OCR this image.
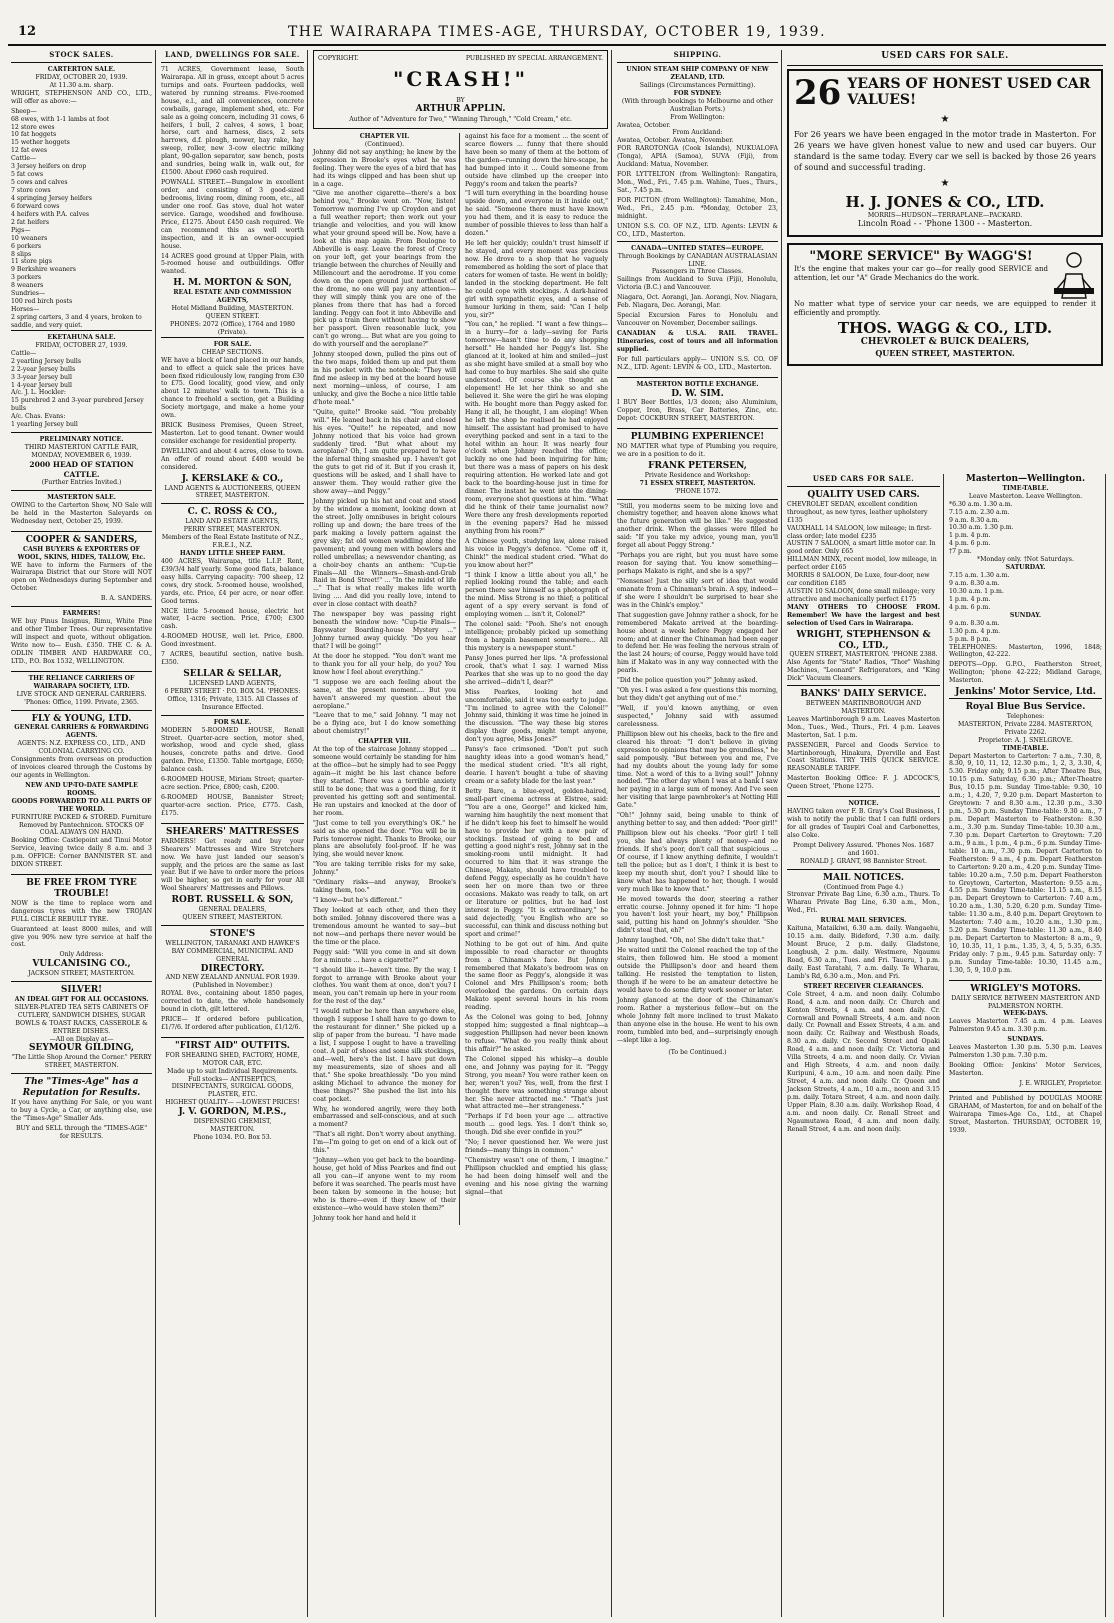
12	THE WAIRARAPA TIMES-AGE, THURSDAY, OCTOBER 19, 1939.
STOCK SALES.
CARTERTON SALE.
FRIDAY, OCTOBER 20, 1939.
At 11.30 a.m. sharp.

WRIGHT, STEPHENSON AND CO., LTD., will offer as above:—

Sheep—
68 ewes, with 1-1 lambs at foot
12 store ewes
10 fat hoggets
15 wether hoggets
12 fat ewes
Cattle—
3 Jersey heifers on drop
5 fat cows
5 cows and calves
7 store cows
4 springing Jersey heifers
6 forward cows
4 heifers with P.A. calves
2 fat heifers
Pigs—
10 weaners
6 porkers
8 slips
11 store pigs
9 Berkshire weaners
3 porkers
8 weaners
Sundries—
100 red birch posts
Horses—
2 spring carters, 3 and 4 years, broken to saddle, and very quiet.
EKETAHUNA SALE.
FRIDAY, OCTOBER 27, 1939.
Cattle—
2 yearling Jersey bulls
2 2-year Jersey bulls
3 3-year Jersey bull
1 4-year Jersey bull
A/c. J. L. Hockler:
15 purebred 2 and 3-year purebred Jersey bulls
A/c. Chas. Evans:
1 yearling Jersey bull
PRELIMINARY NOTICE.
THIRD MASTERTON CATTLE FAIR,
MONDAY, NOVEMBER 6, 1939.
2000 HEAD OF STATION CATTLE.
(Further Entries Invited.)
MASTERTON SALE.

OWING to the Carterton Show, NO Sale will be held in the Masterton Saleyards on Wednesday next, October 25, 1939.

COOPER & SANDERS,
CASH BUYERS & EXPORTERS OF WOOL, SKINS, HIDES, TALLOW, Etc.

WE have to inform the Farmers of the Wairarapa District that our Store will NOT open on Wednesdays during September and October.

B. A. SANDERS.
FARMERS!

WE buy Pinus Insignus, Rimu, White Pine and other Timber Trees. Our representative will inspect and quote, without obligation. Write now to— Eush. £350. THE C. & A. ODLIN TIMBER AND HARDWARE CO., LTD., P.O. Box 1532, WELLINGTON.

THE RELIANCE CARRIERS OF WAIRARAPA SOCIETY, LTD.
LIVE STOCK AND GENERAL CARRIERS.
'Phones: Office, 1199. Private, 2365.
FLY & YOUNG, LTD.
GENERAL CARRIERS & FORWARDING AGENTS.
AGENTS: N.Z. EXPRESS CO., LTD., AND COLONIAL CARRYING CO.

Consignments from overseas on production of invoices cleared through the Customs by our agents in Wellington.

NEW AND UP-TO-DATE SAMPLE ROOMS.
GOODS FORWARDED TO ALL PARTS OF THE WORLD.
FURNITURE PACKED & STORED. Furniture Removed by Pantechnicon. STOCKS OF COAL ALWAYS ON HAND.

Booking Office: Castlepoint and Tinui Motor Service, leaving twice daily 8 a.m. and 3 p.m. OFFICE: Corner BANNISTER ST. and DIXON STREET.

BE FREE FROM TYRE TROUBLE!

NOW is the time to replace worn and dangerous tyres with the new TROJAN FULL CIRCLE REBUILT TYRE.

Guaranteed at least 8000 miles, and will give you 90% new tyre service at half the cost.

Only Address:
VULCANISING CO.,
JACKSON STREET, MASTERTON.
SILVER!
AN IDEAL GIFT FOR ALL OCCASIONS.
SILVER-PLATED TEA SETS CABINETS OF CUTLERY, SANDWICH DISHES, SUGAR BOWLS & TOAST RACKS, CASSEROLE & ENTREE DISHES.
—All on Display at—
SEYMOUR GILDING,
"The Little Shop Around the Corner." PERRY STREET, MASTERTON.
The "Times-Age" has a Reputation for Results.

If you have anything For Sale, or you want to buy a Cycle, a Car, or anything else, use the "Times-Age" Smaller Ads.

BUY and SELL through the "TIMES-AGE" for RESULTS.
LAND, DWELLINGS FOR SALE.

71 ACRES, Government lease, South Wairarapa. All in grass, except about 5 acres turnips and oats. Fourteen paddocks, well watered by running streams. Five-roomed house, e.l., and all conveniences, concrete cowbails, garage, implement shed, etc. For sale as a going concern, including 31 cows, 6 heifers, 1 bull, 2 calves, 4 sows, 1 boar, horse, cart and harness, discs, 2 sets harrows, d.f. plough, mower, hay rake, hay sweep, roller, new 3-cow electric milking plant, 90-gallon separator, saw bench, posts and sundries, being walk in, walk out, for £1500. About £960 cash required.

POWNALL STREET.—Bungalow in excellent order, and consisting of 3 good-sized bedrooms, living room, dining room, etc., all under one roof. Gas stove, dual hot water service. Garage, woodshed and fowlhouse. Price, £1275. About £450 cash required. We can recommend this as well worth inspection, and it is an owner-occupied house.

14 ACRES good ground at Upper Plain, with 5-roomed house and outbuildings. Offer wanted.

H. M. MORTON & SON,
REAL ESTATE AND COMMISSION AGENTS,
Hotel Midland Building, MASTERTON. QUEEN STREET.
PHONES: 2072 (Office), 1764 and 1980 (Private).
FOR SALE.
CHEAP SECTIONS.

WE have a block of land placed in our hands, and to effect a quick sale the prices have been fixed ridiculously low, ranging from £30 to £75. Good locality, good view, and only about 12 minutes' walk to town. This is a chance to freehold a section, get a Building Society mortgage, and make a home your own.

BRICK Business Premises, Queen Street, Masterton. Let to good tenant. Owner would consider exchange for residential property.

DWELLING and about 4 acres, close to town. An offer of round about £400 would be considered.

J. KERSLAKE & CO.,
LAND AGENTS & AUCTIONEERS, QUEEN STREET, MASTERTON.
C. C. ROSS & CO.,
LAND AND ESTATE AGENTS,
PERRY STREET, MASTERTON.
Members of the Real Estate Institute of N.Z., F.R.E.I., N.Z.
HANDY LITTLE SHEEP FARM.

400 ACRES, Wairarapa, title L.I.P. Rent, £39/3/4 half yearly. Some good flats, balance easy hills. Carrying capacity: 700 sheep, 12 cows, dry stock. 5-roomed house, woolshed, yards, etc. Price, £4 per acre, or near offer. Good terms.

NICE little 5-roomed house, electric hot water, 1-acre section. Price, £700; £300 cash.

4-ROOMED HOUSE, well let. Price, £800. Good investment.

7 ACRES, beautiful section, native bush. £350.

SELLAR & SELLAR,
LICENSED LAND AGENTS,
6 PERRY STREET · P.O. BOX 54. 'PHONES: Office, 1316; Private, 1315. All Classes of Insurance Effected.
FOR SALE.

MODERN 5-ROOMED HOUSE, Renall Street. Quarter-acre section, motor shed, workshop, wood and cycle shed, glass houses, concrete paths and drive. Good garden. Price, £1350. Table mortgage, £650; balance cash.

6-ROOMED HOUSE, Miriam Street; quarter-acre section. Price, £800; cash, £200.

6-ROOMED HOUSE, Bannister Street; quarter-acre section. Price, £775. Cash, £175.

SHEARERS' MATTRESSES

FARMERS! Get ready and buy your Shearers' Mattresses and Wire Stretchers now. We have just landed our season's supply, and the prices are the same as last year. But if we have to order more the prices will be higher, so get in early for your All Wool Shearers' Mattresses and Pillows.

ROBT. RUSSELL & SON,
GENERAL DEALERS,
QUEEN STREET, MASTERTON.
STONE'S
WELLINGTON, TARANAKI AND HAWKE'S BAY COMMERCIAL, MUNICIPAL AND GENERAL
DIRECTORY.
AND NEW ZEALAND ANNUAL FOR 1939.
(Published in November.)

ROYAL 8vo., containing about 1850 pages, corrected to date, the whole handsomely bound in cloth, gilt lettered.

PRICE— If ordered before publication, £1/7/6. If ordered after publication, £1/12/6.

"FIRST AID" OUTFITS.
FOR SHEARING SHED, FACTORY, HOME, MOTOR CAR, ETC.
Made up to suit Individual Requirements.
Full stocks— ANTISEPTICS, DISINFECTANTS, SURGICAL GOODS, PLASTER, ETC.
HIGHEST QUALITY— —LOWEST PRICES!
J. V. GORDON, M.P.S.,
DISPENSING CHEMIST,
MASTERTON.
Phone 1034. P.O. Box 53.
COPYRIGHT.	PUBLISHED BY SPECIAL ARRANGEMENT.
"CRASH!"
BY
ARTHUR APPLIN.
Author of "Adventure for Two," "Winning Through," "Cold Cream," etc.
CHAPTER VII.
(Continued).

Johnny did not say anything; he knew by the expression in Brooke's eyes what he was feeling. They were the eyes of a bird that has had its wings clipped and has been shut up in a cage.

"Give me another cigarette—there's a box behind you," Brooke went on. "Now, listen! Tomorrow morning I've up Croydon and get a full weather report; then work out your triangle and velocities, and you will know what your ground speed will be. Now, have a look at this map again. From Boulogne to Abbeville is easy. Leave the forest of Crecy on your left, get your bearings from the triangle between the churches of Neuilly and Millencourt and the aerodrome. If you come down on the open ground just northeast of the drome, no one will pay any attention—they will simply think you are one of the planes from there that has had a forced landing. Peggy can foot it into Abbeville and pick up a train there without having to show her passport. Given reasonable luck, you can't go wrong.... But what are you going to do with yourself and the aeroplane?"

Johnny stooped down, pulled the pins out of the two maps, folded them up and put them in his pocket with the notebook: "They will find me asleep in my bed at the board house next morning—unless, of course, I am unlucky, and give the Boche a nice little table d'hote meal."

"Quite, quite!" Brooke said. "You probably will." He leaned back in his chair and closed his eyes. "Quite!" he repeated, and now Johnny noticed that his voice had grown suddenly tired. "But what about my aeroplane? Oh, I am quite prepared to have the infernal thing smashed up. I haven't got the guts to get rid of it. But if you crash it, questions will be asked, and I shall have to answer them. They would rather give the show away—and Peggy."

Johnny picked up his hat and coat and stood by the window a moment, looking down at the street. Jolly omnibuses in bright colours rolling up and down; the bare trees of the park making a lovely pattern against the grey sky; fat old women waddling along the pavement; and young men with bowlers and rolled umbrellas; a newsvendor chanting, as a choir-boy chants an anthem: "Cup-tie Finals—All the Winners—Smash-and-Grab Raid in Bond Street!" ... "In the midst of life ..." That is what really makes life worth living .... And did you really love, intend to ever in close contact with death?

The newspaper boy was passing right beneath the window now: "Cup-tie Finals—Bayswater Boarding-house Mystery ..." Johnny turned away quickly. "Do you hear that? I will be going!"

At the door he stopped. "You don't want me to thank you for all your help, do you? You know how I feel about everything."

"I suppose we are each feeling about the same, at the present moment.... But you haven't answered my question about the aeroplane."

"Leave that to me," said Johnny. "I may not be a flying ace, but I do know something about chemistry!"

CHAPTER VIII.

At the top of the staircase Johnny stopped ... someone would certainly be standing for him at the office—but he simply had to see Peggy again—it might be his last chance before they started. There was a terrible anxiety still to be done; that was a good thing, for it prevented his getting soft and sentimental. He ran upstairs and knocked at the door of her room.

"Just come to tell you everything's OK." he said as she opened the door. "You will be in Paris tomorrow night. Thanks to Brooke, our plans are absolutely fool-proof. If he was lying, she would never know.

"You are taking terrible risks for my sake, Johnny."

"Ordinary risks—and anyway, Brooke's taking them, too."

"I know—but he's different."

They looked at each other, and then they both smiled. Johnny discovered there was a tremendous amount he wanted to say—but not now—and perhaps there never would be the time or the place.

Peggy said: "Will you come in and sit down for a minute ... have a cigarette?"

"I should like it—haven't time. By the way, I forgot to arrange with Brooke about your clothes. You want them at once, don't you? I mean, you can't remain up here in your room for the rest of the day."

"I would rather be here than anywhere else, though I suppose I shall have to go down to the restaurant for dinner." She picked up a slip of paper from the bureau. "I have made a list, I suppose I ought to have a travelling coat. A pair of shoes and some silk stockings, and—well, here's the list. I have put down my measurements, size of shoes and all that." She spoke breathlessly. "Do you mind asking Michael to advance the money for these things?" She pushed the list into his coat pocket.

Why, he wondered angrily, were they both embarrassed and self-conscious, and at such a moment?

"That's all right. Don't worry about anything. I'm—I'm going to get on end of a kick out of this."

"Johnny—when you get back to the boarding-house, get hold of Miss Pearkes and find out all you can—if anyone went to my room before it was searched. The pearls must have been taken by someone in the house; but who is there—even if they knew of their existence—who would have stolen them?"

Johnny took her hand and held it

against his face for a moment ... the scent of scarce flowers ... funny that there should have been so many of them at the bottom of the garden—running down the hire-scape, he had bumped into it ... Could someone from outside have climbed up the creeper into Peggy's room and taken the pearls?

"I will turn everything in the boarding house upside down, and everyone in it inside out," he said. "Someone there must have known you had them, and it is easy to reduce the number of possible thieves to less than half a dozen."

He left her quickly; couldn't trust himself if he stayed, and every moment was precious now. He drove to a shop that he vaguely remembered as holding the sort of place that caters for women of taste. He went in boldly; landed in the stocking department. He felt he could cope with stockings. A dark-haired girl with sympathetic eyes, and a sense of humour lurking in them, said: "Can I help you, sir?"

"You can," he replied. "I want a few things—in a hurry—for a lady—saving for Paris tomorrow—hasn't time to do any shopping herself." He handed her Peggy's list. She glanced at it, looked at him and smiled—just as she might have smiled at a small boy who had come to buy marbles. She said she quite understood. Of course she thought an elopement! He let her think so and she believed it. She were the girl he was eloping with. He bought more than Peggy asked for. Hang it all, he thought, I am eloping! When he left the shop he realised he had enjoyed himself. The assistant had promised to have everything packed and sent in a taxi to the hotel within an hour. It was nearly four o'clock when Johnny reached the office; luckily no one had been inquiring for him; but there was a mass of papers on his desk requiring attention. He worked late and got back to the boarding-house just in time for dinner. The instant he went into the dining-room, everyone shot questions at him. "What did he think of their tame journalist now? Were there any fresh developments reported in the evening papers? Had he missed anything from his room?"

A Chinese youth, studying law, alone raised his voice in Peggy's defence. "Come off it, Chink!" the medical student cried. "What do you know about her?"

"I think I know a little about you all," he replied looking round the table; and each person there saw himself as a photograph of the mind. Miss Strong is no thief; a political agent of a spy every servant is fond of employing women ... isn't it, Colonel?"

The colonel said: "Pooh. She's not enough intelligence; probably picked up something from a bargain basement somewhere... All this mystery is a newspaper stunt."

Pansy Jones purred her lips. "A professional crook, that's what I say. I warned Miss Pearkes that she was up to no good the day she arrived—didn't I, dear?"

Miss Pearkes, looking hot and uncomfortable, said it was too early to judge. "I'm inclined to agree with the Colonel!" Johnny said, thinking it was time he joined in the discussion. "The way these big stores display their goods, might tempt anyone, don't you agree, Miss Jones?"

Pansy's face crimsoned. "Don't put such naughty ideas into a good woman's head," the medical student cried. "It's all right, dearie. I haven't bought a tube of shaving cream or a safety blade for the last year."

Betty Bare, a blue-eyed, golden-haired, small-part cinema actress at Elstree, said: "You are a one, George!" and kicked him, warning him haughtily the next moment that if he didn't keep his feet to himself he would have to provide her with a new pair of stockings. Instead of going to bed and getting a good night's rest, Johnny sat in the smoking-room until midnight. It had occurred to him that it was strange the Chinese, Makato, should have troubled to defend Peggy, especially as he couldn't have seen her on more than two or three occasions. Makato was ready to talk, on art or literature or politics, but he had lost interest in Peggy. "It is extraordinary," he said dejectedly, "you English who are so successful, can think and discuss nothing but sport and crime!"

Nothing to be got out of him. And quite impossible to read character or thoughts from a Chinaman's face. But Johnny remembered that Makato's bedroom was on the same floor as Peggy's, alongside it was Colonel and Mrs Phillipson's room; both overlooked the gardens. On certain days Makato spent several hours in his room reading.

As the Colonel was going to bed, Johnny stopped him; suggested a final nightcap—a suggestion Phillipson had never been known to refuse. "What do you really think about this affair?" he asked.

The Colonel sipped his whisky—a double one, and Johnny was paying for it. "Peggy Strong, you mean? You were rather keen on her, weren't you? Yes, well, from the first I thought there was something strange about her. She never attracted me." "That's just what attracted me—her strangeness."

"Perhaps if I'd been your age ... attractive mouth ... good legs. Yes. I don't think so, though. Did she ever confide in you?"

"No; I never questioned her. We were just friends—many things in common."

"Chemistry wasn't one of them, I imagine." Phillipson chuckled and emptied his glass; he had been doing himself well and the evening and his nose giving the warning signal—that

SHIPPING.
UNION STEAM SHIP COMPANY OF NEW ZEALAND, LTD.
Sailings (Circumstances Permitting).
FOR SYDNEY:
(With through bookings to Melbourne and other Australian Ports.)
From Wellington:
Awatea, October.
From Auckland:
Awatea, October. Awatea, November.

FOR RAROTONGA (Cook Islands), NUKUALOFA (Tonga), APIA (Samoa), SUVA (Fiji), from Auckland: Matua, November.

FOR LYTTELTON (from Wellington): Rangatira, Mon., Wed., Fri., 7.45 p.m. Wahine, Tues., Thurs., Sat., 7.45 p.m.

FOR PICTON (from Wellington): Tamahine, Mon., Wed., Fri., 2.45 p.m. *Monday, October 23, midnight.

UNION S.S. CO. OF N.Z., LTD. Agents: LEVIN & CO., LTD., Masterton.

CANADA—UNITED STATES—EUROPE.
Through Bookings by CANADIAN AUSTRALASIAN LINE.
Passengers in Three Classes.

Sailings from Auckland to Suva (Fiji), Honolulu, Victoria (B.C.) and Vancouver.

Niagara, Oct. Aorangi, Jan. Aorangi, Nov. Niagara, Feb. Niagara, Dec. Aorangi, Mar.

Special Excursion Fares to Honolulu and Vancouver on November, December sailings.

CANADIAN & U.S.A. RAIL TRAVEL. Itineraries, cost of tours and all information supplied.

For full particulars apply— UNION S.S. CO. OF N.Z., LTD. Agent: LEVIN & CO., LTD., Masterton.

MASTERTON BOTTLE EXCHANGE.
D. W. SIM.

I BUY Beer Bottles, 1/3 dozen; also Aluminium, Copper, Iron, Brass, Car Batteries, Zinc, etc. Depot: COCKBURN STREET, MASTERTON.

PLUMBING EXPERIENCE!

NO MATTER what type of Plumbing you require, we are in a position to do it.

FRANK PETERSEN,
Private Residence and Workshop:
71 ESSEX STREET, MASTERTON.
'PHONE 1572.

"Still, you moderns seem to be mixing love and chemistry together, and heaven alone knows what the future generation will be like." He suggested another drink. When the glasses were filled he said: "If you take my advice, young man, you'll forget all about Peggy Strong."

"Perhaps you are right, but you must have some reason for saying that. You know something—perhaps Makato is right, and she is a spy?"

"Nonsense! Just the silly sort of idea that would emanate from a Chinaman's brain. A spy, indeed—if she were I shouldn't be surprised to hear she was in the Chink's employ."

That suggestion gave Johnny rather a shock, for he remembered Makato arrived at the boarding-house about a week before Peggy engaged her room; and at dinner the Chinaman had been eager to defend her. He was feeling the nervous strain of the last 24 hours; of course, Peggy would have told him if Makato was in any way connected with the pearls.

"Did the police question you?" Johnny asked.

"Oh yes. I was asked a few questions this morning, but they didn't get anything out of me."

"Well, if you'd known anything, or even suspected," Johnny said with assumed carelessness.

Phillipson blew out his cheeks, back to the fire and cleared his throat: "I don't believe in giving expression to opinions that may be groundless," he said pompously. "But between you and me, I've had my doubts about the young lady for some time. Not a word of this to a living soul!" Johnny nodded. "The other day when I was at a bank I saw her paying in a large sum of money. And I've seen her visiting that large pawnbroker's at Notting Hill Gate."

"Oh!" Johnny said, being unable to think of anything better to say, and then added: "Poor girl!"

Phillipson blew out his cheeks. "Poor girl! I tell you, she had always plenty of money—and no friends. If she's poor, don't call that suspicious ... Of course, if I knew anything definite, I wouldn't tell the police; but as I don't, I think it is best to keep my mouth shut, don't you? I should like to know what has happened to her, though. I would very much like to know that."

He moved towards the door, steering a rather erratic course. Johnny opened it for him: "I hope you haven't lost your heart, my boy," Phillipson said, putting his hand on Johnny's shoulder. "She didn't steal that, eh?"

Johnny laughed. "Oh, no! She didn't take that."

He waited until the Colonel reached the top of the stairs, then followed him. He stood a moment outside the Phillipson's door and heard them talking. He resisted the temptation to listen, though if he were to be an amateur detective he would have to do some dirty work sooner or later.

Johnny glanced at the door of the Chinaman's room. Rather a mysterious fellow—but on the whole Johnny felt more inclined to trust Makato than anyone else in the house. He went to his own room, tumbled into bed, and—surprisingly enough—slept like a log.

(To be Continued.)
USED CARS FOR SALE.
26 YEARS OF HONEST USED CAR VALUES!
★

For 26 years we have been engaged in the motor trade in Masterton. For 26 years we have given honest value to new and used car buyers. Our standard is the same today. Every car we sell is backed by those 26 years of sound and successful trading.

★
H. J. JONES & CO., LTD.
MORRIS—HUDSON—TERRAPLANE—PACKARD.
Lincoln Road - - 'Phone 1300 - - Masterton.
"MORE SERVICE" By WAGG'S!

It's the engine that makes your car go—for really good SERVICE and attention, let our "A" Grade Mechanics do the work.

No matter what type of service your car needs, we are equipped to render it efficiently and promptly.

THOS. WAGG & CO., LTD.
CHEVROLET & BUICK DEALERS,
QUEEN STREET, MASTERTON.
USED CARS FOR SALE.
QUALITY USED CARS.
CHEVROLET SEDAN, excellent condition throughout, as new tyres, leather upholstery £135
VAUXHALL 14 SALOON, low mileage; in first-class order; late model £235
AUSTIN 7 SALOON, a smart little motor car. In good order. Only £65
HILLMAN MINX, recent model, low mileage, in perfect order £165
MORRIS 8 SALOON, De Luxe, four-door, new car condition £185
AUSTIN 10 SALOON, done small mileage; very attractive and mechanically perfect £175

MANY OTHERS TO CHOOSE FROM. Remember! We have the largest and best selection of Used Cars in Wairarapa.

WRIGHT, STEPHENSON & CO., LTD.,
QUEEN STREET, MASTERTON. 'PHONE 2388.

Also Agents for "State" Radios, "Thor" Washing Machines, "Leonard" Refrigerators, and "King Dick" Vacuum Cleaners.

BANKS' DAILY SERVICE.
BETWEEN MARTINBOROUGH AND MASTERTON.

Leaves Martinborough 9 a.m. Leaves Masterton Mon., Tues., Wed., Thurs., Fri. 4 p.m. Leaves Masterton, Sat. 1 p.m.

PASSENGER, Parcel and Goods Service to Martinborough, Hinakura, Dyerville and East Coast Stations. TRY THIS QUICK SERVICE. REASONABLE TARIFF.

Masterton Booking Office: F. J. ADCOCK'S, Queen Street, 'Phone 1275.

NOTICE.

HAVING taken over F. B. Gray's Coal Business, I wish to notify the public that I can fulfil orders for all grades of Taupiri Coal and Carbonettes, also Coke.

Prompt Delivery Assured. 'Phones Nos. 1687 and 1601.
RONALD J. GRANT, 98 Bannister Street.
MAIL NOTICES.
(Continued from Page 4.)

Stronvar Private Bag Line, 6.30 a.m., Thurs. To Wharau Private Bag Line, 6.30 a.m., Mon., Wed., Fri.

RURAL MAIL SERVICES.

Kaituna, Mataikiwi, 6.30 a.m. daily. Wangaehu, 10.15 a.m. daily. Bideford, 7.30 a.m. daily. Mount Bruce, 2 p.m. daily. Gladstone, Longbush, 2 p.m. daily. Westmere, Ngaumu Road, 6.30 a.m., Tues. and Fri. Taueru, 1 p.m. daily. East Taratahi, 7 a.m. daily. Te Wharau, Lamb's Rd, 6.30 a.m., Mon. and Fri.

STREET RECEIVER CLEARANCES.

Cole Street, 4 a.m. and noon daily. Columbo Road, 4 a.m. and noon daily. Cr. Church and Kenton Streets, 4 a.m. and noon daily. Cr. Cornwall and Pownall Streets, 4 a.m. and noon daily. Cr. Pownall and Essex Streets, 4 a.m. and noon daily. Cr. Railway and Westbush Roads, 8.30 a.m. daily. Cr. Second Street and Opaki Road, 4 a.m. and noon daily. Cr. Victoria and Villa Streets, 4 a.m. and noon daily. Cr. Vivian and High Streets, 4 a.m. and noon daily. Kuripuni, 4 a.m., 10 a.m. and noon daily. Pine Street, 4 a.m. and noon daily. Cr. Queen and Jackson Streets, 4 a.m., 10 a.m., noon and 3.15 p.m. daily. Totara Street, 4 a.m. and noon daily. Upper Plain, 8.30 a.m. daily. Workshop Road, 4 a.m. and noon daily. Cr. Renall Street and Ngaumutawa Road, 4 a.m. and noon daily. Renall Street, 4 a.m. and noon daily.

Masterton—Wellington.
TIME-TABLE.
Leave Masterton. Leave Wellington.
*6.30 a.m. 1.30 a.m.
7.15 a.m. 2.30 a.m.
9 a.m. 8.30 a.m.
10.30 a.m. 1.30 p.m.
1 p.m. 4 p.m.
4 p.m. 6 p.m.
†7 p.m.
*Monday only. †Not Saturdays.
SATURDAY.
7.15 a.m. 1.30 a.m.
9 a.m. 8.30 a.m.
10.30 a.m. 1 p.m.
1 p.m. 4 p.m.
4 p.m. 6 p.m.
SUNDAY.
9 a.m. 8.30 a.m.
1.30 p.m. 4 p.m.
5 p.m. 8 p.m.

TELEPHONES: Masterton, 1996, 1848; Wellington, 42-222.

DEPOTS—Opp. G.P.O., Featherston Street, Wellington; 'phone 42-222; Midland Garage, Masterton.

Jenkins' Motor Service, Ltd.
Royal Blue Bus Service.
Telephones:
MASTERTON, Private 2284. MASTERTON, Private 2262.
Proprietor: A. J. SNELGROVE.
TIME-TABLE.

Depart Masterton to Carterton: 7 a.m., 7.30, 8, 8.30, 9, 10, 11, 12, 12.30 p.m., 1, 2, 3, 3.30, 4, 5.30. Friday only, 9.15 p.m.; After Theatre Bus, 10.15 p.m. Saturday, 6.30 p.m.; After-Theatre Bus, 10.15 p.m. Sunday Time-table: 9.30, 10 a.m.; 1, 4.20, 7, 9.20 p.m. Depart Masterton to Greytown: 7 and 8.30 a.m., 12.30 p.m., 3.30 p.m., 5.30 p.m. Sunday Time-table: 9.30 a.m., 7 p.m. Depart Masterton to Featherston: 8.30 a.m., 3.30 p.m. Sunday Time-table: 10.30 a.m., 7.30 p.m. Depart Carterton to Greytown: 7.20 a.m., 9 a.m., 1 p.m., 4 p.m., 6 p.m. Sunday Time-table: 10 a.m., 7.30 p.m. Depart Carterton to Featherston: 9 a.m., 4 p.m. Depart Featherston to Carterton: 9.20 a.m., 4.20 p.m. Sunday Time-table: 10.20 a.m., 7.50 p.m. Depart Featherston to Greytown, Carterton, Masterton: 9.55 a.m., 4.55 p.m. Sunday Time-table: 11.15 a.m., 8.15 p.m. Depart Greytown to Carterton: 7.40 a.m., 10.20 a.m., 1.30, 5.20, 6.20 p.m. Sunday Time-table: 11.30 a.m., 8.40 p.m. Depart Greytown to Masterton: 7.40 a.m., 10.20 a.m., 1.30 p.m., 5.20 p.m. Sunday Time-table: 11.30 a.m., 8.40 p.m. Depart Carterton to Masterton: 8 a.m., 9, 10, 10.35, 11, 1 p.m., 1.35, 3, 4, 5, 5.35, 6.35. Friday only: 7 p.m., 9.45 p.m. Saturday only: 7 p.m. Sunday Time-table: 10.30, 11.45 a.m., 1.30, 5, 9, 10.0 p.m.

WRIGLEY'S MOTORS.
DAILY SERVICE BETWEEN MASTERTON AND PALMERSTON NORTH.
WEEK-DAYS.

Leaves Masterton 7.45 a.m. 4 p.m. Leaves Palmerston 9.45 a.m. 3.30 p.m.

SUNDAYS.

Leaves Masterton 1.30 p.m. 5.30 p.m. Leaves Palmerston 1.30 p.m. 7.30 p.m.

Booking Office: Jenkins' Motor Services, Masterton.

J. E. WRIGLEY, Proprietor.

Printed and Published by DOUGLAS MOORE GRAHAM, of Masterton, for and on behalf of the Wairarapa Times-Age Co., Ltd., at Chapel Street, Masterton. THURSDAY, OCTOBER 19, 1939.
